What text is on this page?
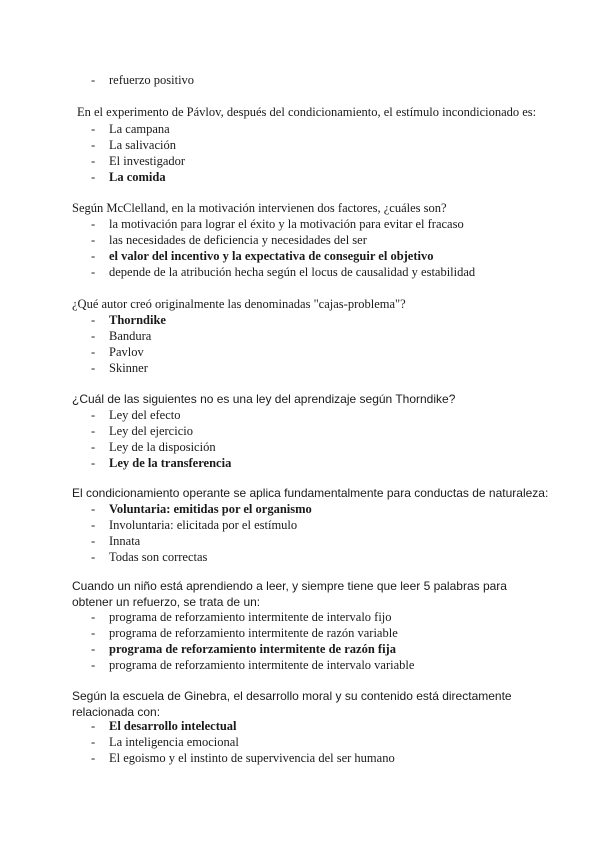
- refuerzo positivo
En el experimento de Pávlov, después del condicionamiento, el estímulo incondicionado es:
- La campana
- La salivación
- El investigador
- La comida
Según McClelland, en la motivación intervienen dos factores, ¿cuáles son?
- la motivación para lograr el éxito y la motivación para evitar el fracaso
- las necesidades de deficiencia y necesidades del ser
- el valor del incentivo y la expectativa de conseguir el objetivo
- depende de la atribución hecha según el locus de causalidad y estabilidad
¿Qué autor creó originalmente las denominadas "cajas-problema"?
- Thorndike
- Bandura
- Pavlov
- Skinner
¿Cuál de las siguientes no es una ley del aprendizaje según Thorndike?
- Ley del efecto
- Ley del ejercicio
- Ley de la disposición
- Ley de la transferencia
El condicionamiento operante se aplica fundamentalmente para conductas de naturaleza:
- Voluntaria: emitidas por el organismo
- Involuntaria: elicitada por el estímulo
- Innata
- Todas son correctas
Cuando un niño está aprendiendo a leer, y siempre tiene que leer 5 palabras para obtener un refuerzo, se trata de un:
- programa de reforzamiento intermitente de intervalo fijo
- programa de reforzamiento intermitente de razón variable
- programa de reforzamiento intermitente de razón fija
- programa de reforzamiento intermitente de intervalo variable
Según la escuela de Ginebra, el desarrollo moral y su contenido está directamente relacionada con:
- El desarrollo intelectual
- La inteligencia emocional
- El egoismo y el instinto de supervivencia del ser humano
